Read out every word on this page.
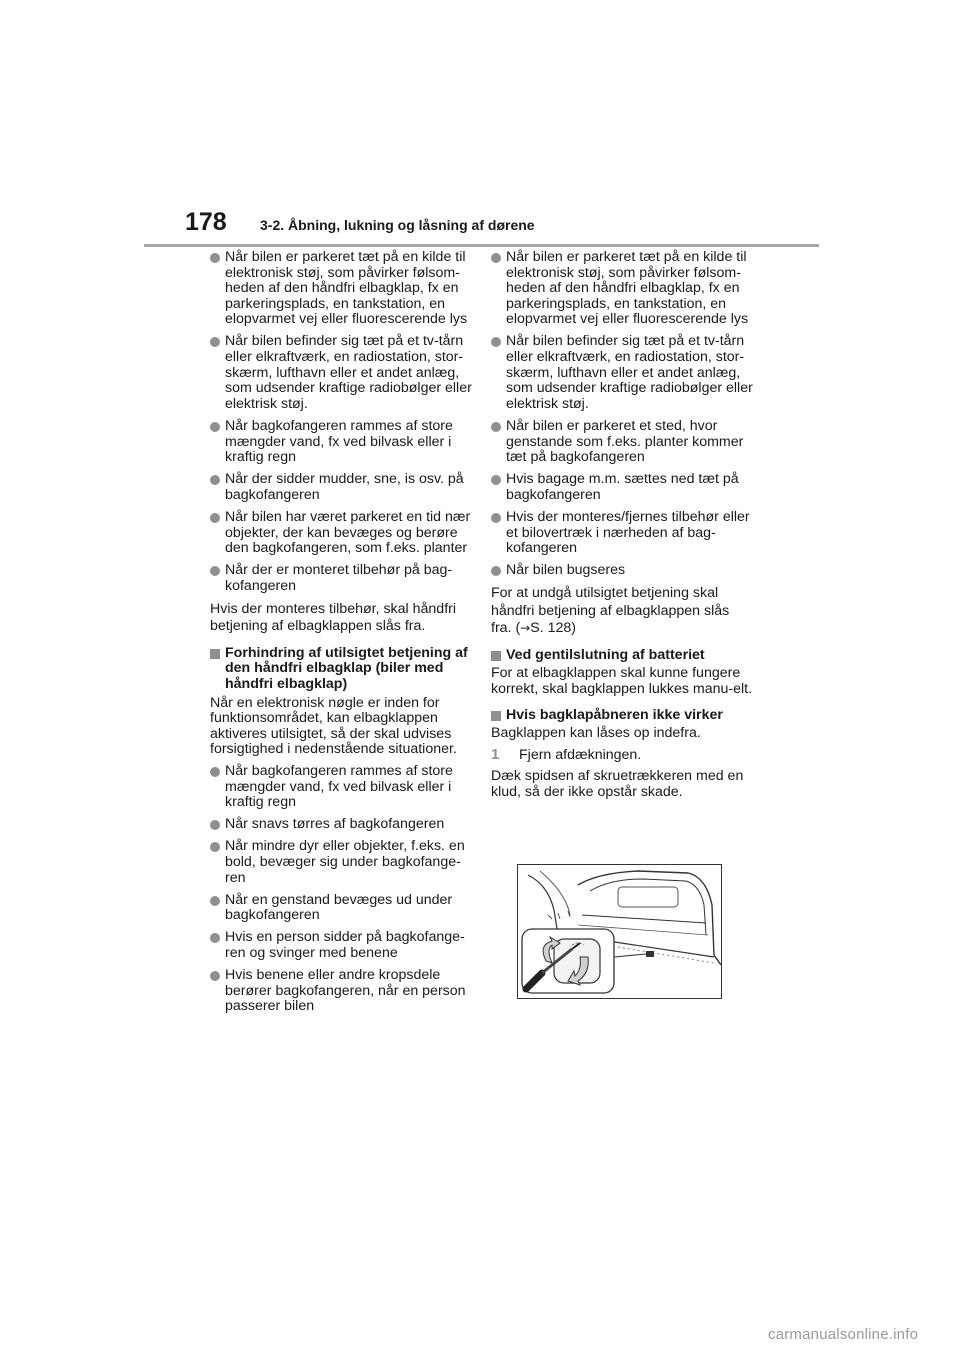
178 3-2. Åbning, lukning og låsning af dørene
Når bilen er parkeret tæt på en kilde til elektronisk støj, som påvirker følsom-heden af den håndfri elbagklap, fx en parkeringsplads, en tankstation, en elopvarmet vej eller fluorescerende lys
Når bilen befinder sig tæt på et tv-tårn eller elkraftværk, en radiostation, stor-skærm, lufthavn eller et andet anlæg, som udsender kraftige radiobølger eller elektrisk støj.
Når bagkofangeren rammes af store mængder vand, fx ved bilvask eller i kraftig regn
Når der sidder mudder, sne, is osv. på bagkofangeren
Når bilen har været parkeret en tid nær objekter, der kan bevæges og berøre den bagkofangeren, som f.eks. planter
Når der er monteret tilbehør på bag-kofangeren
Hvis der monteres tilbehør, skal håndfri betjening af elbagklappen slås fra.
Forhindring af utilsigtet betjening af den håndfri elbagklap (biler med håndfri elbagklap)
Når en elektronisk nøgle er inden for funktionsområdet, kan elbagklappen aktiveres utilsigtet, så der skal udvises forsigtighed i nedenstående situationer.
Når bagkofangeren rammes af store mængder vand, fx ved bilvask eller i kraftig regn
Når snavs tørres af bagkofangeren
Når mindre dyr eller objekter, f.eks. en bold, bevæger sig under bagkofange-ren
Når en genstand bevæges ud under bagkofangeren
Hvis en person sidder på bagkofange-ren og svinger med benene
Hvis benene eller andre kropsdele berører bagkofangeren, når en person passerer bilen
Når bilen er parkeret tæt på en kilde til elektronisk støj, som påvirker følsom-heden af den håndfri elbagklap, fx en parkeringsplads, en tankstation, en elopvarmet vej eller fluorescerende lys
Når bilen befinder sig tæt på et tv-tårn eller elkraftværk, en radiostation, stor-skærm, lufthavn eller et andet anlæg, som udsender kraftige radiobølger eller elektrisk støj.
Når bilen er parkeret et sted, hvor genstande som f.eks. planter kommer tæt på bagkofangeren
Hvis bagage m.m. sættes ned tæt på bagkofangeren
Hvis der monteres/fjernes tilbehør eller et bilovertræk i nærheden af bag-kofangeren
Når bilen bugseres
For at undgå utilsigtet betjening skal håndfri betjening af elbagklappen slås fra. (→S. 128)
Ved gentilslutning af batteriet
For at elbagklappen skal kunne fungere korrekt, skal bagklappen lukkes manu-elt.
Hvis bagklapåbneren ikke virker
Bagklappen kan låses op indefra.
1 Fjern afdækningen.
Dæk spidsen af skruetrækkeren med en klud, så der ikke opstår skade.
carmanualsonline.info
